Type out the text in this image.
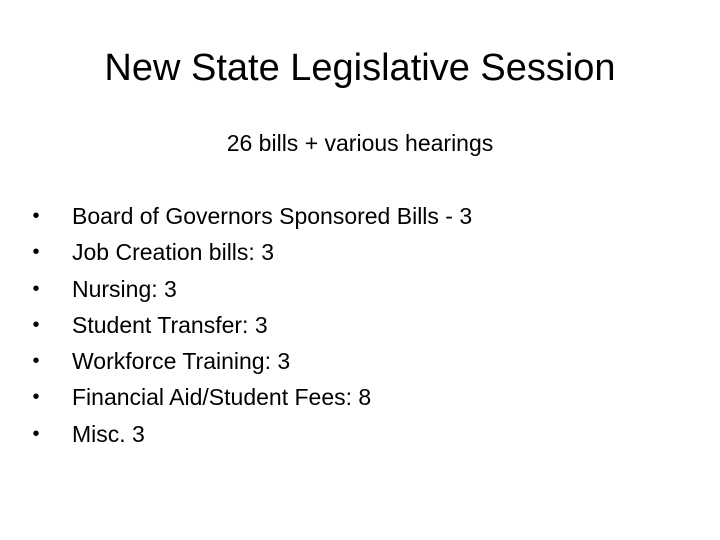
New State Legislative Session
26 bills + various hearings
• Board of Governors Sponsored Bills - 3
• Job Creation bills: 3
• Nursing: 3
• Student Transfer: 3
• Workforce Training: 3
• Financial Aid/Student Fees: 8
• Misc. 3
